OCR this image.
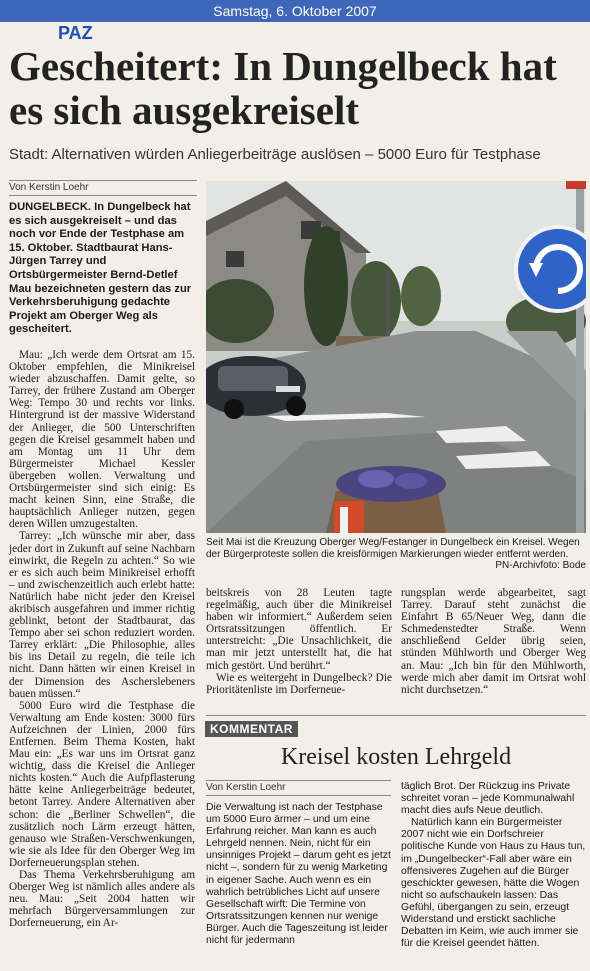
Samstag, 6. Oktober 2007
PAZ
Gescheitert: In Dungelbeck hat es sich ausgekreiselt
Stadt: Alternativen würden Anliegerbeiträge auslösen – 5000 Euro für Testphase
Von Kerstin Loehr

DUNGELBECK. In Dungelbeck hat es sich ausgekreiselt – und das noch vor Ende der Testphase am 15. Oktober. Stadtbaurat Hans-Jürgen Tarrey und Ortsbürgermeister Bernd-Detlef Mau bezeichneten gestern das zur Verkehrsberuhigung gedachte Projekt am Oberger Weg als gescheitert.

Mau: „Ich werde dem Ortsrat am 15. Oktober empfehlen, die Minikreisel wieder abzuschaffen. Damit gelte, so Tarrey, der frühere Zustand am Oberger Weg: Tempo 30 und rechts vor links. Hintergrund ist der massive Widerstand der Anlieger, die 500 Unterschriften gegen die Kreisel gesammelt haben und am Montag um 11 Uhr dem Bürgermeister Michael Kessler übergeben wollen. Verwaltung und Ortsbürgermeister sind sich einig: Es macht keinen Sinn, eine Straße, die hauptsächlich Anlieger nutzen, gegen deren Willen umzugestalten.

Tarrey: „Ich wünsche mir aber, dass jeder dort in Zukunft auf seine Nachbarn einwirkt, die Regeln zu achten.“ So wie er es sich auch beim Minikreisel erhofft – und zwischenzeitlich auch erlebt hatte: Natürlich habe nicht jeder den Kreisel akribisch ausgefahren und immer richtig geblinkt, betont der Stadtbaurat, das Tempo aber sei schon reduziert worden. Tarrey erklärt: „Die Philosophie, alles bis ins Detail zu regeln, die teile ich nicht. Dann hätten wir einen Kreisel in der Dimension des Ascherslebeners bauen müssen.“

5000 Euro wird die Testphase die Verwaltung am Ende kosten: 3000 fürs Aufzeichnen der Linien, 2000 fürs Entfernen. Beim Thema Kosten, hakt Mau ein: „Es war uns im Ortsrat ganz wichtig, dass die Kreisel die Anlieger nichts kosten.“ Auch die Aufpflasterung hätte keine Anliegerbeiträge bedeutet, betont Tarrey. Andere Alternativen aber schon: die „Berliner Schwellen“, die zusätzlich noch Lärm erzeugt hätten, genauso wie Straßen-Verschwenkungen, wie sie als Idee für den Oberger Weg im Dorferneuerungsplan stehen.

Das Thema Verkehrsberuhigung am Oberger Weg ist nämlich alles andere als neu. Mau: „Seit 2004 hatten wir mehrfach Bürgerversammlungen zur Dorferneuerung, ein Ar-

Seit Mai ist die Kreuzung Oberger Weg/Festanger in Dungelbeck ein Kreisel. Wegen der Bürgerproteste sollen die kreisförmigen Markierungen wieder entfernt werden.
PN-Archivfoto: Bode

beitskreis von 28 Leuten tagte regelmäßig, auch über die Minikreisel haben wir informiert.“ Außerdem seien Ortsratssitzungen öffentlich. Er unterstreicht: „Die Unsachlichkeit, die man mir jetzt unterstellt hat, die hat mich gestört. Und berührt.“

Wie es weitergeht in Dungelbeck? Die Prioritätenliste im Dorferneue-

rungsplan werde abgearbeitet, sagt Tarrey. Darauf steht zunächst die Einfahrt B 65/Neuer Weg, dann die Schmedenstedter Straße. Wenn anschließend Gelder übrig seien, stünden Mühlworth und Oberger Weg an. Mau: „Ich bin für den Mühlworth, werde mich aber damit im Ortsrat wohl nicht durchsetzen.“

KOMMENTAR
Kreisel kosten Lehrgeld
Von Kerstin Loehr

Die Verwaltung ist nach der Testphase um 5000 Euro ärmer – und um eine Erfahrung reicher. Man kann es auch Lehrgeld nennen. Nein, nicht für ein unsinniges Projekt – darum geht es jetzt nicht –, sondern für zu wenig Marketing in eigener Sache. Auch wenn es ein wahrlich betrübliches Licht auf unsere Gesellschaft wirft: Die Termine von Ortsratssitzungen kennen nur wenige Bürger. Auch die Tageszeitung ist leider nicht für jedermann

täglich Brot. Der Rückzug ins Private schreitet voran – jede Kommunalwahl macht dies aufs Neue deutlich.

Natürlich kann ein Bürgermeister 2007 nicht wie ein Dorfschreier politische Kunde von Haus zu Haus tun, im „Dungelbecker“-Fall aber wäre ein offensiveres Zugehen auf die Bürger geschickter gewesen, hätte die Wogen nicht so aufschaukeln lassen: Das Gefühl, übergangen zu sein, erzeugt Widerstand und erstickt sachliche Debatten im Keim, wie auch immer sie für die Kreisel geendet hätten.
